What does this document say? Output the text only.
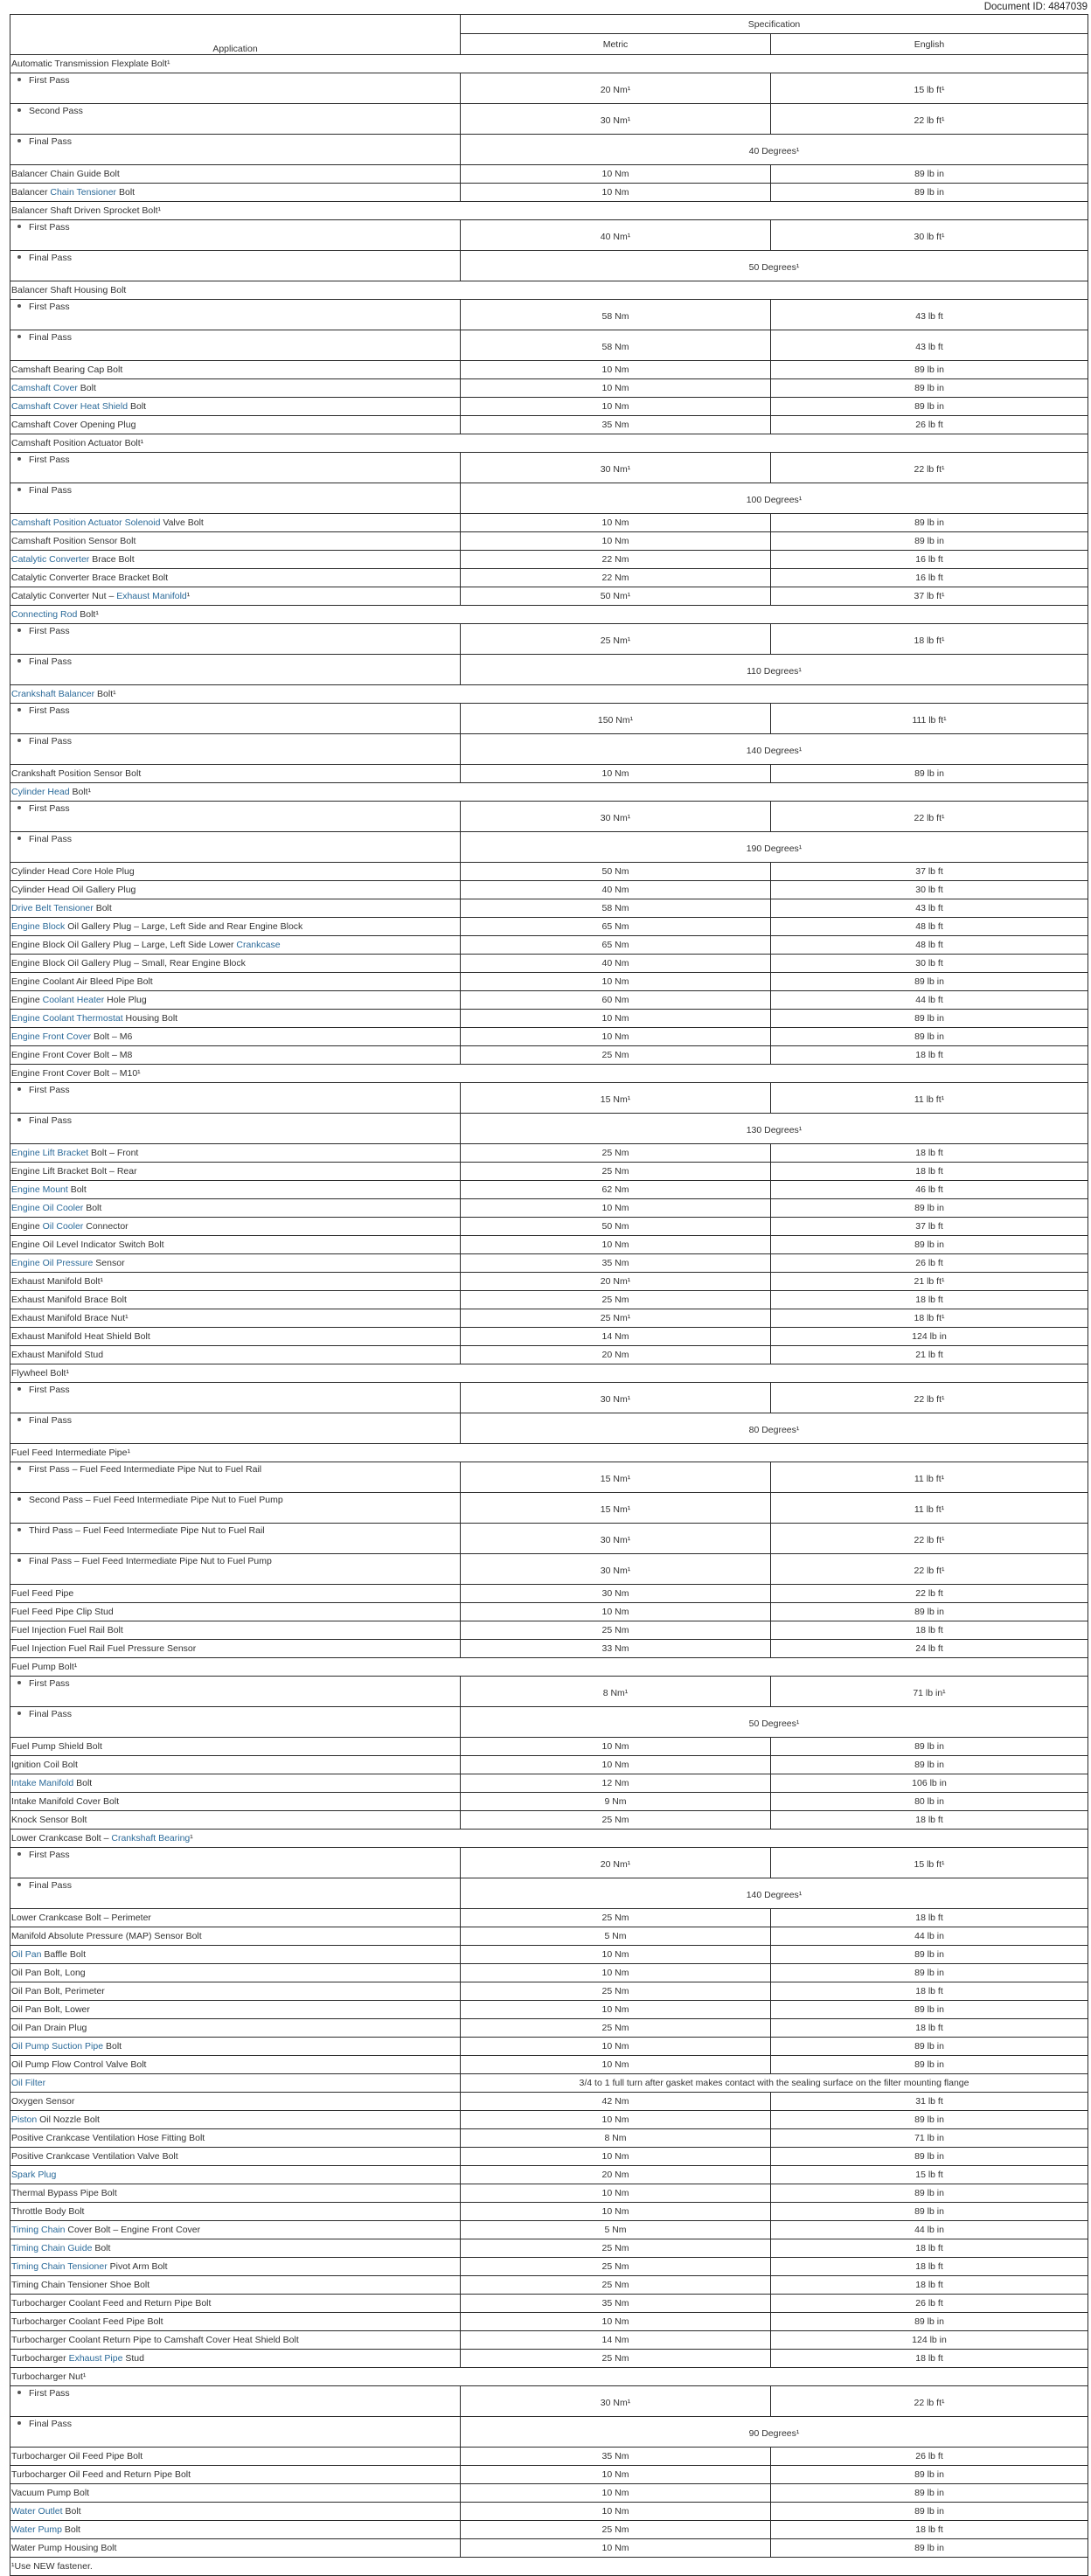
Document ID: 4847039
Application	Specification	
	Metric	English
Automatic Transmission Flexplate Bolt¹		
First Pass	20 Nm¹	15 lb ft¹
Second Pass	30 Nm¹	22 lb ft¹
Final Pass	40 Degrees¹	
Balancer Chain Guide Bolt	10 Nm	89 lb in
Balancer Chain Tensioner Bolt	10 Nm	89 lb in
Balancer Shaft Driven Sprocket Bolt¹		
First Pass	40 Nm¹	30 lb ft¹
Final Pass	50 Degrees¹	
Balancer Shaft Housing Bolt		
First Pass	58 Nm	43 lb ft
Final Pass	58 Nm	43 lb ft
Camshaft Bearing Cap Bolt	10 Nm	89 lb in
Camshaft Cover Bolt	10 Nm	89 lb in
Camshaft Cover Heat Shield Bolt	10 Nm	89 lb in
Camshaft Cover Opening Plug	35 Nm	26 lb ft
Camshaft Position Actuator Bolt¹		
First Pass	30 Nm¹	22 lb ft¹
Final Pass	100 Degrees¹	
Camshaft Position Actuator Solenoid Valve Bolt	10 Nm	89 lb in
Camshaft Position Sensor Bolt	10 Nm	89 lb in
Catalytic Converter Brace Bolt	22 Nm	16 lb ft
Catalytic Converter Brace Bracket Bolt	22 Nm	16 lb ft
Catalytic Converter Nut – Exhaust Manifold¹	50 Nm¹	37 lb ft¹
Connecting Rod Bolt¹		
First Pass	25 Nm¹	18 lb ft¹
Final Pass	110 Degrees¹	
Crankshaft Balancer Bolt¹		
First Pass	150 Nm¹	111 lb ft¹
Final Pass	140 Degrees¹	
Crankshaft Position Sensor Bolt	10 Nm	89 lb in
Cylinder Head Bolt¹		
First Pass	30 Nm¹	22 lb ft¹
Final Pass	190 Degrees¹	
Cylinder Head Core Hole Plug	50 Nm	37 lb ft
Cylinder Head Oil Gallery Plug	40 Nm	30 lb ft
Drive Belt Tensioner Bolt	58 Nm	43 lb ft
Engine Block Oil Gallery Plug – Large, Left Side and Rear Engine Block	65 Nm	48 lb ft
Engine Block Oil Gallery Plug – Large, Left Side Lower Crankcase	65 Nm	48 lb ft
Engine Block Oil Gallery Plug – Small, Rear Engine Block	40 Nm	30 lb ft
Engine Coolant Air Bleed Pipe Bolt	10 Nm	89 lb in
Engine Coolant Heater Hole Plug	60 Nm	44 lb ft
Engine Coolant Thermostat Housing Bolt	10 Nm	89 lb in
Engine Front Cover Bolt – M6	10 Nm	89 lb in
Engine Front Cover Bolt – M8	25 Nm	18 lb ft
Engine Front Cover Bolt – M10¹		
First Pass	15 Nm¹	11 lb ft¹
Final Pass	130 Degrees¹	
Engine Lift Bracket Bolt – Front	25 Nm	18 lb ft
Engine Lift Bracket Bolt – Rear	25 Nm	18 lb ft
Engine Mount Bolt	62 Nm	46 lb ft
Engine Oil Cooler Bolt	10 Nm	89 lb in
Engine Oil Cooler Connector	50 Nm	37 lb ft
Engine Oil Level Indicator Switch Bolt	10 Nm	89 lb in
Engine Oil Pressure Sensor	35 Nm	26 lb ft
Exhaust Manifold Bolt¹	20 Nm¹	21 lb ft¹
Exhaust Manifold Brace Bolt	25 Nm	18 lb ft
Exhaust Manifold Brace Nut¹	25 Nm¹	18 lb ft¹
Exhaust Manifold Heat Shield Bolt	14 Nm	124 lb in
Exhaust Manifold Stud	20 Nm	21 lb ft
Flywheel Bolt¹		
First Pass	30 Nm¹	22 lb ft¹
Final Pass	80 Degrees¹	
Fuel Feed Intermediate Pipe¹		
First Pass – Fuel Feed Intermediate Pipe Nut to Fuel Rail	15 Nm¹	11 lb ft¹
Second Pass – Fuel Feed Intermediate Pipe Nut to Fuel Pump	15 Nm¹	11 lb ft¹
Third Pass – Fuel Feed Intermediate Pipe Nut to Fuel Rail	30 Nm¹	22 lb ft¹
Final Pass – Fuel Feed Intermediate Pipe Nut to Fuel Pump	30 Nm¹	22 lb ft¹
Fuel Feed Pipe	30 Nm	22 lb ft
Fuel Feed Pipe Clip Stud	10 Nm	89 lb in
Fuel Injection Fuel Rail Bolt	25 Nm	18 lb ft
Fuel Injection Fuel Rail Fuel Pressure Sensor	33 Nm	24 lb ft
Fuel Pump Bolt¹		
First Pass	8 Nm¹	71 lb in¹
Final Pass	50 Degrees¹	
Fuel Pump Shield Bolt	10 Nm	89 lb in
Ignition Coil Bolt	10 Nm	89 lb in
Intake Manifold Bolt	12 Nm	106 lb in
Intake Manifold Cover Bolt	9 Nm	80 lb in
Knock Sensor Bolt	25 Nm	18 lb ft
Lower Crankcase Bolt – Crankshaft Bearing¹		
First Pass	20 Nm¹	15 lb ft¹
Final Pass	140 Degrees¹	
Lower Crankcase Bolt – Perimeter	25 Nm	18 lb ft
Manifold Absolute Pressure (MAP) Sensor Bolt	5 Nm	44 lb in
Oil Pan Baffle Bolt	10 Nm	89 lb in
Oil Pan Bolt, Long	10 Nm	89 lb in
Oil Pan Bolt, Perimeter	25 Nm	18 lb ft
Oil Pan Bolt, Lower	10 Nm	89 lb in
Oil Pan Drain Plug	25 Nm	18 lb ft
Oil Pump Suction Pipe Bolt	10 Nm	89 lb in
Oil Pump Flow Control Valve Bolt	10 Nm	89 lb in
Oil Filter	3/4 to 1 full turn after gasket makes contact with the sealing surface on the filter mounting flange	
Oxygen Sensor	42 Nm	31 lb ft
Piston Oil Nozzle Bolt	10 Nm	89 lb in
Positive Crankcase Ventilation Hose Fitting Bolt	8 Nm	71 lb in
Positive Crankcase Ventilation Valve Bolt	10 Nm	89 lb in
Spark Plug	20 Nm	15 lb ft
Thermal Bypass Pipe Bolt	10 Nm	89 lb in
Throttle Body Bolt	10 Nm	89 lb in
Timing Chain Cover Bolt – Engine Front Cover	5 Nm	44 lb in
Timing Chain Guide Bolt	25 Nm	18 lb ft
Timing Chain Tensioner Pivot Arm Bolt	25 Nm	18 lb ft
Timing Chain Tensioner Shoe Bolt	25 Nm	18 lb ft
Turbocharger Coolant Feed and Return Pipe Bolt	35 Nm	26 lb ft
Turbocharger Coolant Feed Pipe Bolt	10 Nm	89 lb in
Turbocharger Coolant Return Pipe to Camshaft Cover Heat Shield Bolt	14 Nm	124 lb in
Turbocharger Exhaust Pipe Stud	25 Nm	18 lb ft
Turbocharger Nut¹		
First Pass	30 Nm¹	22 lb ft¹
Final Pass	90 Degrees¹	
Turbocharger Oil Feed Pipe Bolt	35 Nm	26 lb ft
Turbocharger Oil Feed and Return Pipe Bolt	10 Nm	89 lb in
Vacuum Pump Bolt	10 Nm	89 lb in
Water Outlet Bolt	10 Nm	89 lb in
Water Pump Bolt	25 Nm	18 lb ft
Water Pump Housing Bolt	10 Nm	89 lb in
¹Use NEW fastener.		
